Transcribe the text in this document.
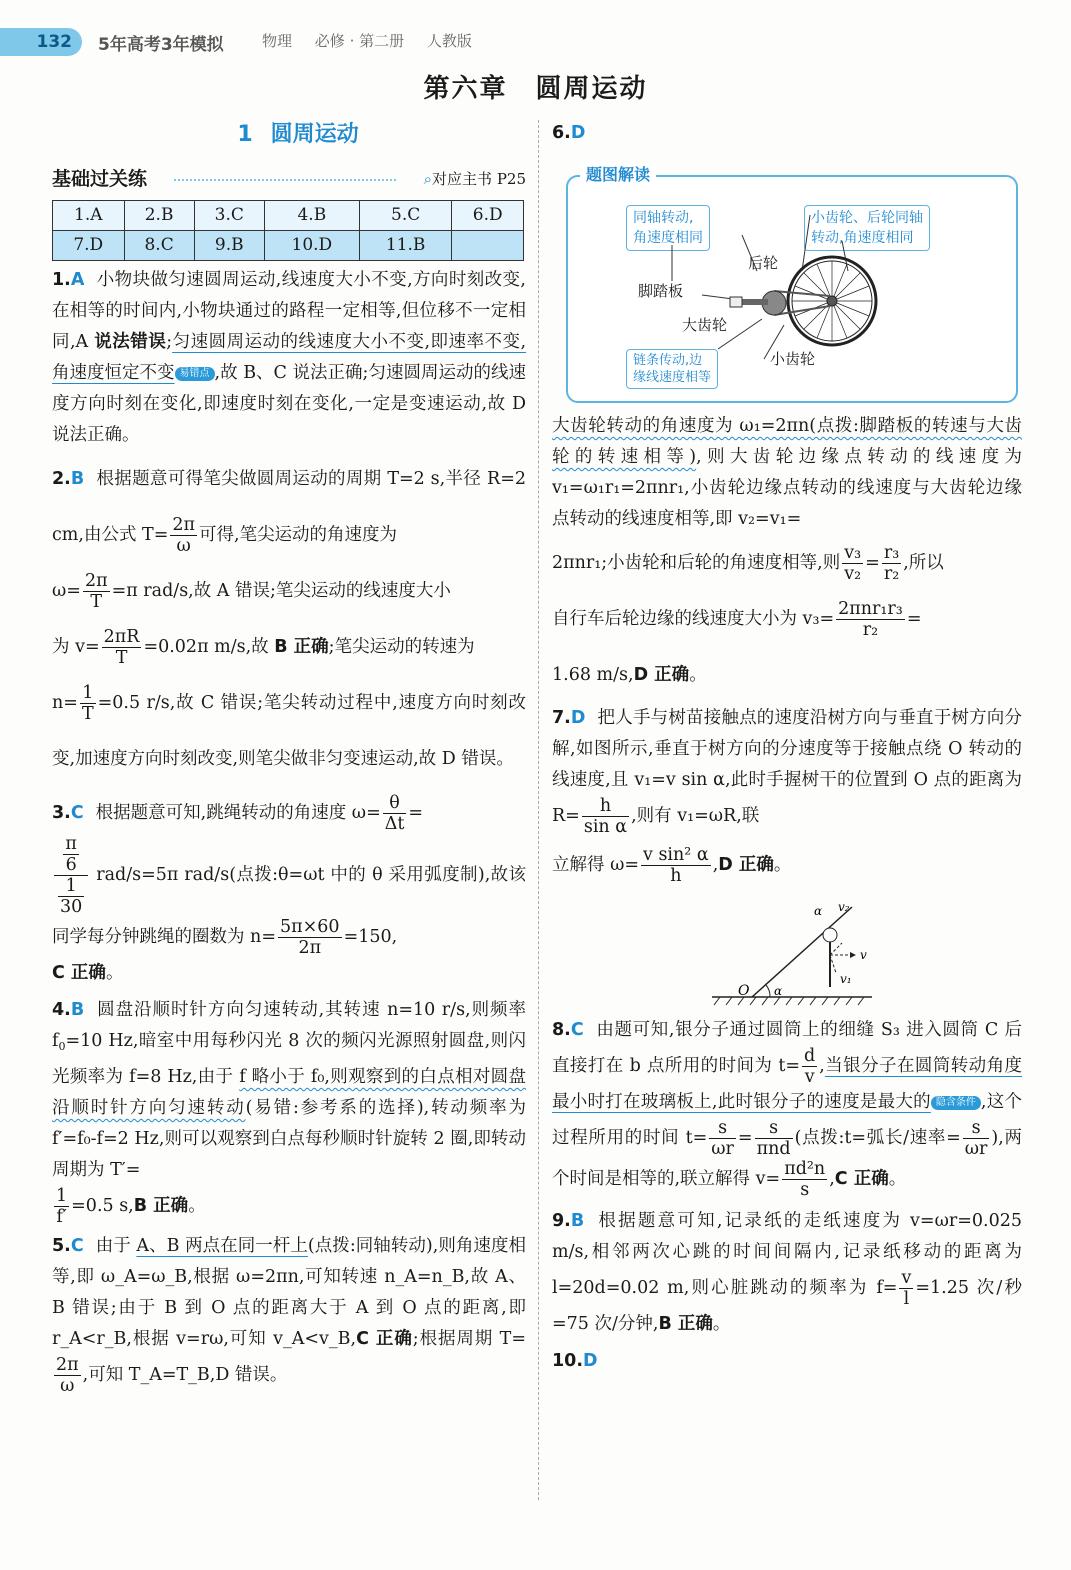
132	5年高考3年模拟	物理 必修 · 第二册 人教版
第六章　圆周运动
1 圆周运动
基础过关练	⌕对应主书 P25
1.A	2.B	3.C	4.B	5.C	6.D
7.D	8.C	9.B	10.D	11.B	

1.A 小物块做匀速圆周运动,线速度大小不变,方向时刻改变,在相等的时间内,小物块通过的路程一定相等,但位移不一定相同,A 说法错误;匀速圆周运动的线速度大小不变,即速率不变,角速度恒定不变 易错点 ,故 B、C 说法正确;匀速圆周运动的线速度方向时刻在变化,即速度时刻在变化,一定是变速运动,故 D 说法正确。

2.B 根据题意可得笔尖做圆周运动的周期 T=2 s,半径 R=2 cm,由公式 $T= \frac{2\pi}{\omega}$ 可得,笔尖运动的角速度为
$\omega= \frac{2\pi}{T} =\pi$ rad/s,故 A 错误;笔尖运动的线速度大小
为 $v= \frac{2\pi R}{T} =0.02\pi$ m/s,故 B 正确;笔尖运动的转速为
$n= \frac{1}{T} =0.5$ r/s,故 C 错误;笔尖转动过程中,速度方向时刻改变,加速度方向时刻改变,则笔尖做非匀变速运动,故 D 错误。

3.C 根据题意可知,跳绳转动的角速度 $\omega= \frac{\theta}{\Delta t}$ =

$\frac{\frac{\pi}{6}}{\frac{1}{30}} rad/s=5\pi$ rad/s(点拨:θ=ωt 中的 θ 采用弧度制),故该同学每分钟跳绳的圈数为 $n= \frac{5\pi\times 60}{2\pi} =150$,
C 正确。

4.B 圆盘沿顺时针方向匀速转动,其转速 n=10 r/s,则频率 $f_0=10$ Hz,暗室中用每秒闪光 8 次的频闪光源照射圆盘,则闪光频率为 f=8 Hz,由于 f 略小于 f₀,则观察到的白点相对圆盘沿顺时针方向匀速转动(易错:参考系的选择),转动频率为 f′=f₀-f=2 Hz,则可以观察到白点每秒顺时针旋转 2 圈,即转动周期为 T′=

$\frac{1}{f'} =0.5$ s,B 正确。

5.C 由于 A、B 两点在同一杆上(点拨:同轴转动),则角速度相等,即 ω_A=ω_B,根据 ω=2πn,可知转速 n_A=n_B,故 A、B 错误;由于 B 到 O 点的距离大于 A 到 O 点的距离,即 r_A<r_B,根据 v=rω,可知 v_A<v_B,C 正确;根据周期 T=
$\frac{2\pi}{\omega}$ ,可知 T_A=T_B,D 错误。

6.D
题图解读
同轴转动,
角速度相同
小齿轮、后轮同轴
转动,角速度相同
链条传动,边
缘线速度相等
后轮
脚踏板
大齿轮
小齿轮

大齿轮转动的角速度为 ω₁=2πn(点拨:脚踏板的转速与大齿轮的转速相等),则大齿轮边缘点转动的线速度为 v₁=ω₁r₁=2πnr₁,小齿轮边缘点转动的线速度与大齿轮边缘点转动的线速度相等,即 v₂=v₁=
2πnr₁;小齿轮和后轮的角速度相等,则 $\frac{\text{v₃}}{\text{v₂}} = \frac{\text{r₃}}{\text{r₂}}$ ,所以
自行车后轮边缘的线速度大小为 $v_3= \frac{\text{2πnr₁r₃}}{\text{r₂}}$ =
1.68 m/s,D 正确。

7.D 把人手与树苗接触点的速度沿树方向与垂直于树方向分解,如图所示,垂直于树方向的分速度等于接触点绕 O 转动的线速度,且 v₁=v sin α,此时手握树干的位置到 O 点的距离为 $R= \frac{h}{\text{sin α}}$ ,则有 v₁=ωR,联
立解得 $\omega= \frac{\text{v sin² α}}{h} ,D$ 正确。

O α
α v₂
v
v₁

8.C 由题可知,银分子通过圆筒上的细缝 S₃ 进入圆筒 C 后直接打在 b 点所用的时间为 $t= \frac{d}{v}$ ,当银分子在圆筒转动角度最小时打在玻璃板上,此时银分子的速度是最大的 隐含条件 ,这个过程所用的时间 $t= \frac{s}{\omega r} = \frac{s}{\text{πnd}}$ (点拨:t=弧长/速率= $\frac{s}{\omega r}$ ),两个时间是相等的,联立解得 $v= \frac{\text{πd²n}}{s} ,C$ 正确。

9.B 根据题意可知,记录纸的走纸速度为 v=ωr=0.025 m/s,相邻两次心跳的时间间隔内,记录纸移动的距离为 l=20d=0.02 m,则心脏跳动的频率为 $f= \frac{v}{l} =1.25$ 次/秒=75 次/分钟,B 正确。

10.D
